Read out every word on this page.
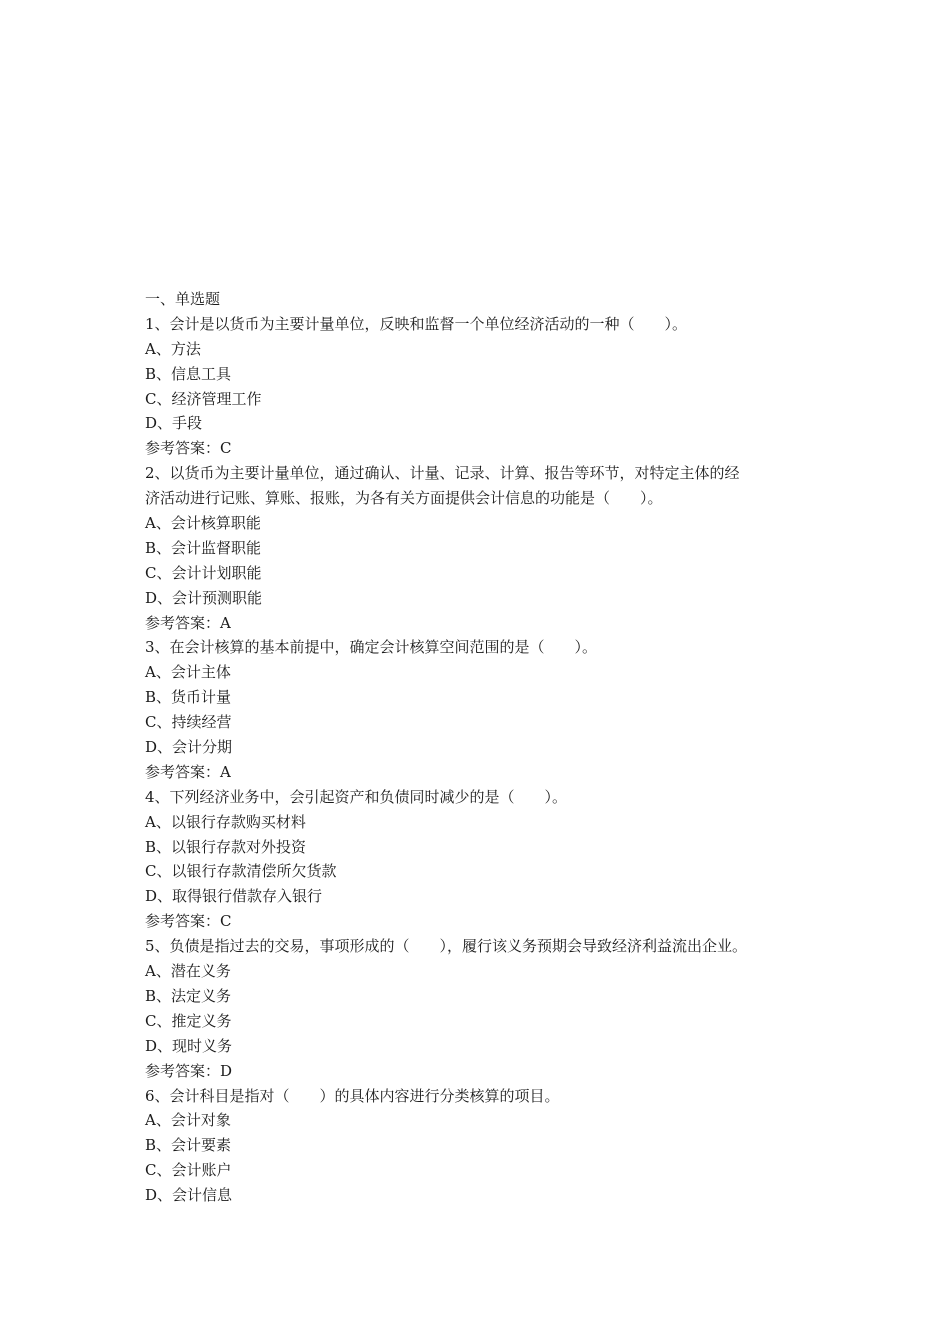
一、单选题
1、会计是以货币为主要计量单位，反映和监督一个单位经济活动的一种（　　）。
A、方法
B、信息工具
C、经济管理工作
D、手段
参考答案：C
2、以货币为主要计量单位，通过确认、计量、记录、计算、报告等环节，对特定主体的经
济活动进行记账、算账、报账，为各有关方面提供会计信息的功能是（　　）。
A、会计核算职能
B、会计监督职能
C、会计计划职能
D、会计预测职能
参考答案：A
3、在会计核算的基本前提中，确定会计核算空间范围的是（　　）。
A、会计主体
B、货币计量
C、持续经营
D、会计分期
参考答案：A
4、下列经济业务中，会引起资产和负债同时减少的是（　　）。
A、以银行存款购买材料
B、以银行存款对外投资
C、以银行存款清偿所欠货款
D、取得银行借款存入银行
参考答案：C
5、负债是指过去的交易，事项形成的（　　），履行该义务预期会导致经济利益流出企业。
A、潜在义务
B、法定义务
C、推定义务
D、现时义务
参考答案：D
6、会计科目是指对（　　）的具体内容进行分类核算的项目。
A、会计对象
B、会计要素
C、会计账户
D、会计信息
